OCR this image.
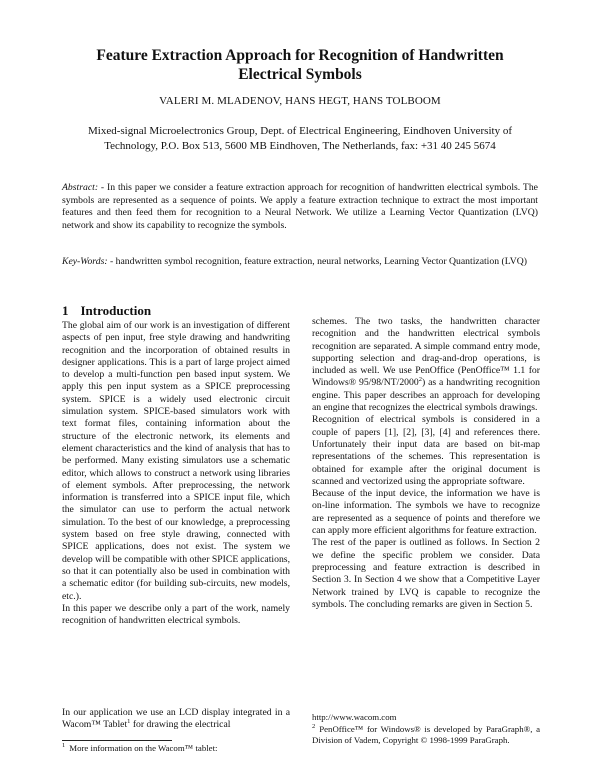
Feature Extraction Approach for Recognition of Handwritten
Electrical Symbols
VALERI M. MLADENOV, HANS HEGT, HANS TOLBOOM
Mixed-signal Microelectronics Group, Dept. of Electrical Engineering, Eindhoven University of
Technology, P.O. Box 513, 5600 MB Eindhoven, The Netherlands, fax: +31 40 245 5674
Abstract: - In this paper we consider a feature extraction approach for recognition of handwritten electrical symbols. The symbols are represented as a sequence of points. We apply a feature extraction technique to extract the most important features and then feed them for recognition to a Neural Network. We utilize a Learning Vector Quantization (LVQ) network and show its capability to recognize the symbols.
Key-Words: - handwritten symbol recognition, feature extraction, neural networks, Learning Vector Quantization (LVQ)
1 Introduction

The global aim of our work is an investigation of different aspects of pen input, free style drawing and handwriting recognition and the incorporation of obtained results in designer applications. This is a part of large project aimed to develop a multi-function pen based input system. We apply this pen input system as a SPICE preprocessing system. SPICE is a widely used electronic circuit simulation system. SPICE-based simulators work with text format files, containing information about the structure of the electronic network, its elements and element characteristics and the kind of analysis that has to be performed. Many existing simulators use a schematic editor, which allows to construct a network using libraries of element symbols. After preprocessing, the network information is transferred into a SPICE input file, which the simulator can use to perform the actual network simulation. To the best of our knowledge, a preprocessing system based on free style drawing, connected with SPICE applications, does not exist. The system we develop will be compatible with other SPICE applications, so that it can potentially also be used in combination with a schematic editor (for building sub-circuits, new models, etc.).

In this paper we describe only a part of the work, namely recognition of handwritten electrical symbols.

In our application we use an LCD display integrated in a Wacom™ Tablet$^1$ for drawing the electrical

schemes. The two tasks, the handwritten character recognition and the handwritten electrical symbols recognition are separated. A simple command entry mode, supporting selection and drag-and-drop operations, is included as well. We use PenOffice (PenOffice™ 1.1 for Windows® 95/98/NT/2000$^2$) as a handwriting recognition engine. This paper describes an approach for developing an engine that recognizes the electrical symbols drawings.

Recognition of electrical symbols is considered in a couple of papers [1], [2], [3], [4] and references there. Unfortunately their input data are based on bit-map representations of the schemes. This representation is obtained for example after the original document is scanned and vectorized using the appropriate software.

Because of the input device, the information we have is on-line information. The symbols we have to recognize are represented as a sequence of points and therefore we can apply more efficient algorithms for feature extraction.

The rest of the paper is outlined as follows. In Section 2 we define the specific problem we consider. Data preprocessing and feature extraction is described in Section 3. In Section 4 we show that a Competitive Layer Network trained by LVQ is capable to recognize the symbols. The concluding remarks are given in Section 5.

$^1$ More information on the Wacom™ tablet:
http://www.wacom.com
$^2$ PenOffice™ for Windows® is developed by ParaGraph®, a Division of Vadem, Copyright © 1998-1999 ParaGraph.
